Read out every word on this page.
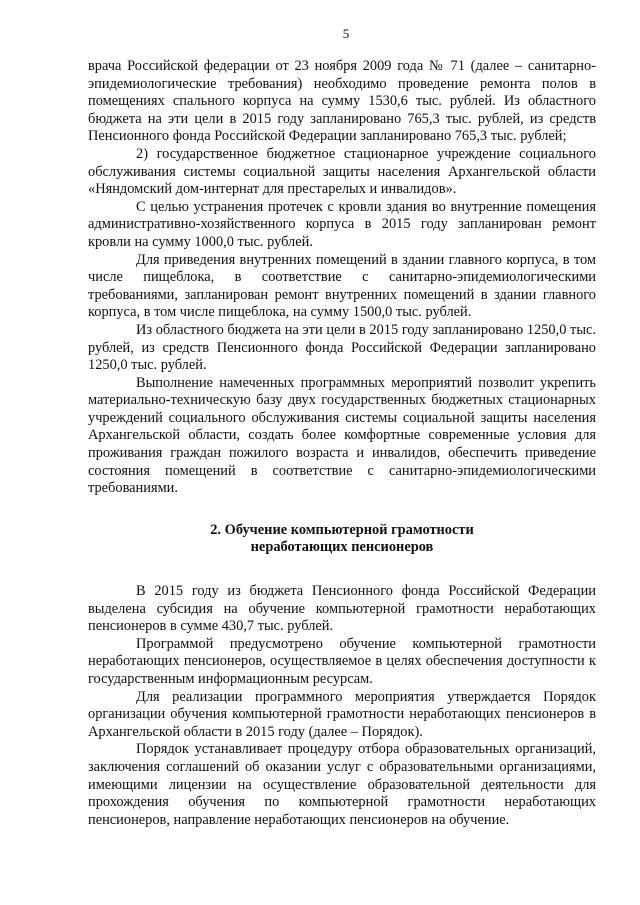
5

врача Российской федерации от 23 ноября 2009 года № 71 (далее – санитарно-эпидемиологические требования) необходимо проведение ремонта полов в помещениях спального корпуса на сумму 1530,6 тыс. рублей. Из областного бюджета на эти цели в 2015 году запланировано 765,3 тыс. рублей, из средств Пенсионного фонда Российской Федерации запланировано 765,3 тыс. рублей;

2) государственное бюджетное стационарное учреждение социального обслуживания системы социальной защиты населения Архангельской области «Няндомский дом-интернат для престарелых и инвалидов».

С целью устранения протечек с кровли здания во внутренние помещения административно-хозяйственного корпуса в 2015 году запланирован ремонт кровли на сумму 1000,0 тыс. рублей.

Для приведения внутренних помещений в здании главного корпуса, в том числе пищеблока, в соответствие с санитарно-эпидемиологическими требованиями, запланирован ремонт внутренних помещений в здании главного корпуса, в том числе пищеблока, на сумму 1500,0 тыс. рублей.

Из областного бюджета на эти цели в 2015 году запланировано 1250,0 тыс. рублей, из средств Пенсионного фонда Российской Федерации запланировано 1250,0 тыс. рублей.

Выполнение намеченных программных мероприятий позволит укрепить материально-техническую базу двух государственных бюджетных стационарных учреждений социального обслуживания системы социальной защиты населения Архангельской области, создать более комфортные современные условия для проживания граждан пожилого возраста и инвалидов, обеспечить приведение состояния помещений в соответствие с санитарно-эпидемиологическими требованиями.

2. Обучение компьютерной грамотности
неработающих пенсионеров

В 2015 году из бюджета Пенсионного фонда Российской Федерации выделена субсидия на обучение компьютерной грамотности неработающих пенсионеров в сумме 430,7 тыс. рублей.

Программой предусмотрено обучение компьютерной грамотности неработающих пенсионеров, осуществляемое в целях обеспечения доступности к государственным информационным ресурсам.

Для реализации программного мероприятия утверждается Порядок организации обучения компьютерной грамотности неработающих пенсионеров в Архангельской области в 2015 году (далее – Порядок).

Порядок устанавливает процедуру отбора образовательных организаций, заключения соглашений об оказании услуг с образовательными организациями, имеющими лицензии на осуществление образовательной деятельности для прохождения обучения по компьютерной грамотности неработающих пенсионеров, направление неработающих пенсионеров на обучение.
